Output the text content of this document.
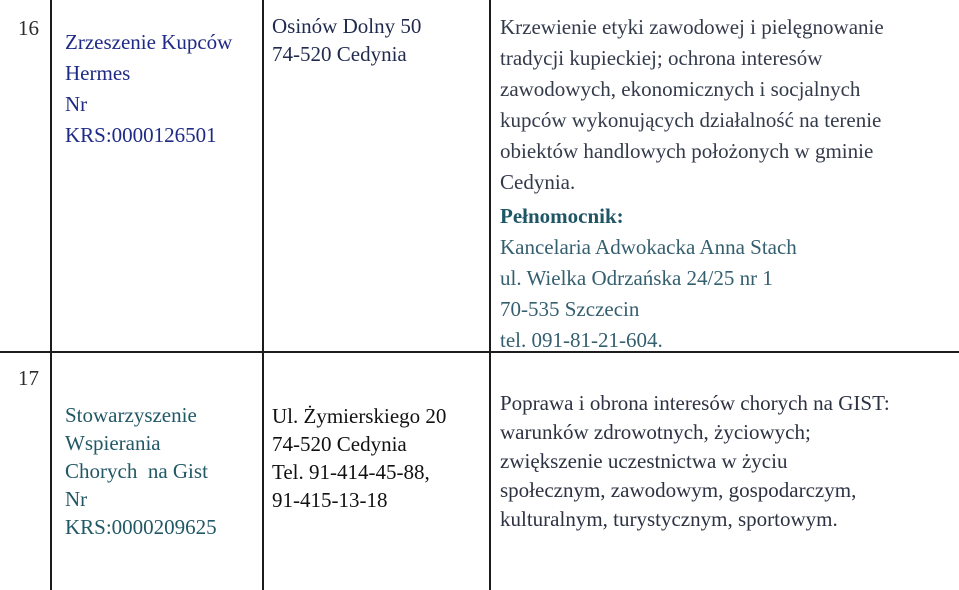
16
Zrzeszenie Kupców
Hermes
Nr
KRS:0000126501
Osinów Dolny 50
74-520 Cedynia
Krzewienie etyki zawodowej i pielęgnowanie
tradycji kupieckiej; ochrona interesów
zawodowych, ekonomicznych i socjalnych
kupców wykonujących działalność na terenie
obiektów handlowych położonych w gminie
Cedynia.
Pełnomocnik:
Kancelaria Adwokacka Anna Stach
ul. Wielka Odrzańska 24/25 nr 1
70-535 Szczecin
tel. 091-81-21-604.
17
Stowarzyszenie
Wspierania
Chorych  na Gist
Nr
KRS:0000209625
Ul. Żymierskiego 20
74-520 Cedynia
Tel. 91-414-45-88,
91-415-13-18
Poprawa i obrona interesów chorych na GIST:
warunków zdrowotnych, życiowych;
zwiększenie uczestnictwa w życiu
społecznym, zawodowym, gospodarczym,
kulturalnym, turystycznym, sportowym.
